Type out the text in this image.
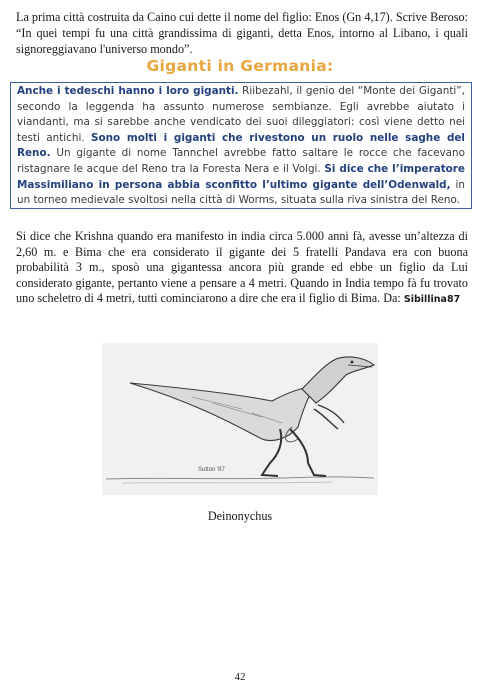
La prima città costruita da Caino cui dette il nome del figlio: Enos (Gn 4,17). Scrive Beroso: “In quei tempi fu una città grandissima di giganti, detta Enos, intorno al Libano, i quali signoreggiavano l'universo mondo”.
Giganti in Germania:
Anche i tedeschi hanno i loro giganti. Riibezahl, il genio del “Monte dei Giganti”, secondo la leggenda ha assunto numerose sembianze. Egli avrebbe aiutato i viandanti, ma si sarebbe anche vendicato dei suoi dileggiatori: così viene detto nei testi antichi. Sono molti i giganti che rivestono un ruolo nelle saghe del Reno. Un gigante di nome Tannchel avrebbe fatto saltare le rocce che facevano ristagnare le acque del Reno tra la Foresta Nera e il Volgi. Si dice che l’imperatore Massimiliano in persona abbia sconfitto l’ultimo gigante dell’Odenwald, in un torneo medievale svoltosi nella città di Worms, situata sulla riva sinistra del Reno.
Si dice che Krishna quando era manifesto in india circa 5.000 anni fà, avesse un’altezza di 2,60 m. e Bima che era considerato il gigante dei 5 fratelli Pandava era con buona probabilità 3 m., sposò una gigantessa ancora più grande ed ebbe un figlio da Lui considerato gigante, pertanto viene a pensare a 4 metri. Quando in India tempo fà fu trovato uno scheletro di 4 metri, tutti cominciarono a dire che era il figlio di Bima. Da: Sibillina87
Sutton '87
Deinonychus
42
